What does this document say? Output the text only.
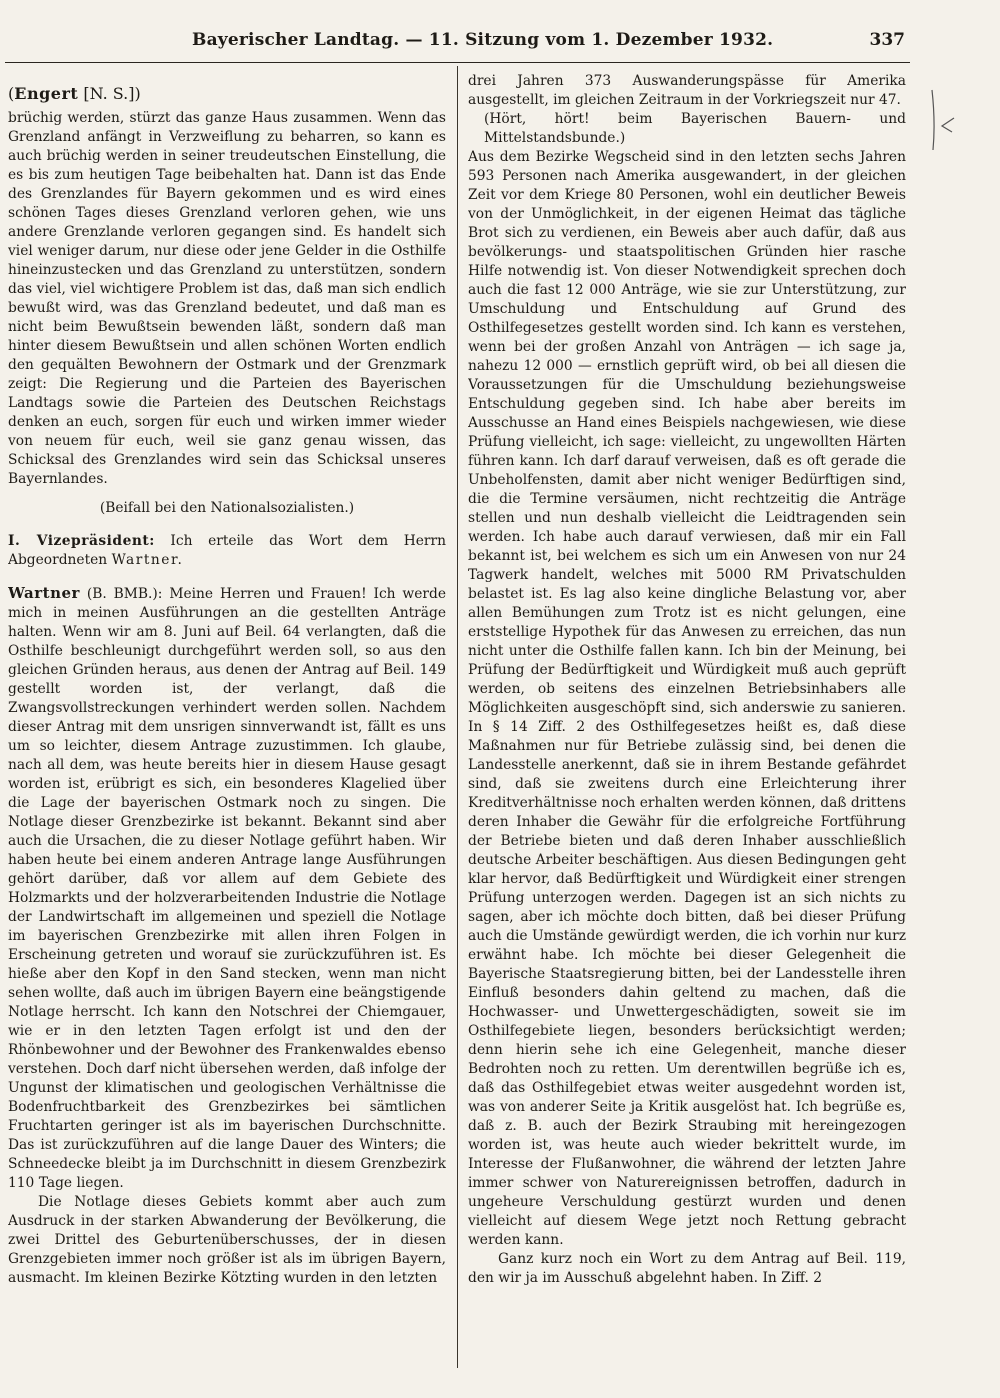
Bayerischer Landtag. — 11. Sitzung vom 1. Dezember 1932.	337

(Engert [N. S.])

brüchig werden, stürzt das ganze Haus zusammen. Wenn das Grenzland anfängt in Verzweiflung zu beharren, so kann es auch brüchig werden in seiner treudeutschen Einstellung, die es bis zum heutigen Tage beibehalten hat. Dann ist das Ende des Grenzlandes für Bayern gekommen und es wird eines schönen Tages dieses Grenzland verloren gehen, wie uns andere Grenzlande verloren gegangen sind. Es handelt sich viel weniger darum, nur diese oder jene Gelder in die Osthilfe hineinzustecken und das Grenzland zu unterstützen, sondern das viel, viel wichtigere Problem ist das, daß man sich endlich bewußt wird, was das Grenzland bedeutet, und daß man es nicht beim Bewußtsein bewenden läßt, sondern daß man hinter diesem Bewußtsein und allen schönen Worten endlich den gequälten Bewohnern der Ostmark und der Grenzmark zeigt: Die Regierung und die Parteien des Bayerischen Landtags sowie die Parteien des Deutschen Reichstags denken an euch, sorgen für euch und wirken immer wieder von neuem für euch, weil sie ganz genau wissen, das Schicksal des Grenzlandes wird sein das Schicksal unseres Bayernlandes.

(Beifall bei den Nationalsozialisten.)

I. Vizepräsident: Ich erteile das Wort dem Herrn Abgeordneten Wartner.

Wartner (B. BMB.): Meine Herren und Frauen! Ich werde mich in meinen Ausführungen an die gestellten Anträge halten. Wenn wir am 8. Juni auf Beil. 64 verlangten, daß die Osthilfe beschleunigt durchgeführt werden soll, so aus den gleichen Gründen heraus, aus denen der Antrag auf Beil. 149 gestellt worden ist, der verlangt, daß die Zwangsvollstreckungen verhindert werden sollen. Nachdem dieser Antrag mit dem unsrigen sinnverwandt ist, fällt es uns um so leichter, diesem Antrage zuzustimmen. Ich glaube, nach all dem, was heute bereits hier in diesem Hause gesagt worden ist, erübrigt es sich, ein besonderes Klagelied über die Lage der bayerischen Ostmark noch zu singen. Die Notlage dieser Grenzbezirke ist bekannt. Bekannt sind aber auch die Ursachen, die zu dieser Notlage geführt haben. Wir haben heute bei einem anderen Antrage lange Ausführungen gehört darüber, daß vor allem auf dem Gebiete des Holzmarkts und der holzverarbeitenden Industrie die Notlage der Landwirtschaft im allgemeinen und speziell die Notlage im bayerischen Grenzbezirke mit allen ihren Folgen in Erscheinung getreten und worauf sie zurückzuführen ist. Es hieße aber den Kopf in den Sand stecken, wenn man nicht sehen wollte, daß auch im übrigen Bayern eine beängstigende Notlage herrscht. Ich kann den Notschrei der Chiemgauer, wie er in den letzten Tagen erfolgt ist und den der Rhönbewohner und der Bewohner des Frankenwaldes ebenso verstehen. Doch darf nicht übersehen werden, daß infolge der Ungunst der klimatischen und geologischen Verhältnisse die Bodenfruchtbarkeit des Grenzbezirkes bei sämtlichen Fruchtarten geringer ist als im bayerischen Durchschnitte. Das ist zurückzuführen auf die lange Dauer des Winters; die Schneedecke bleibt ja im Durchschnitt in diesem Grenzbezirk 110 Tage liegen.

Die Notlage dieses Gebiets kommt aber auch zum Ausdruck in der starken Abwanderung der Bevölkerung, die zwei Drittel des Geburtenüberschusses, der in diesen Grenzgebieten immer noch größer ist als im übrigen Bayern, ausmacht. Im kleinen Bezirke Kötzting wurden in den letzten

drei Jahren 373 Auswanderungspässe für Amerika ausgestellt, im gleichen Zeitraum in der Vorkriegszeit nur 47.

(Hört, hört! beim Bayerischen Bauern- und Mittelstandsbunde.)

Aus dem Bezirke Wegscheid sind in den letzten sechs Jahren 593 Personen nach Amerika ausgewandert, in der gleichen Zeit vor dem Kriege 80 Personen, wohl ein deutlicher Beweis von der Unmöglichkeit, in der eigenen Heimat das tägliche Brot sich zu verdienen, ein Beweis aber auch dafür, daß aus bevölkerungs- und staatspolitischen Gründen hier rasche Hilfe notwendig ist. Von dieser Notwendigkeit sprechen doch auch die fast 12 000 Anträge, wie sie zur Unterstützung, zur Umschuldung und Entschuldung auf Grund des Osthilfegesetzes gestellt worden sind. Ich kann es verstehen, wenn bei der großen Anzahl von Anträgen — ich sage ja, nahezu 12 000 — ernstlich geprüft wird, ob bei all diesen die Voraussetzungen für die Umschuldung beziehungsweise Entschuldung gegeben sind. Ich habe aber bereits im Ausschusse an Hand eines Beispiels nachgewiesen, wie diese Prüfung vielleicht, ich sage: vielleicht, zu ungewollten Härten führen kann. Ich darf darauf verweisen, daß es oft gerade die Unbeholfensten, damit aber nicht weniger Bedürftigen sind, die die Termine versäumen, nicht rechtzeitig die Anträge stellen und nun deshalb vielleicht die Leidtragenden sein werden. Ich habe auch darauf verwiesen, daß mir ein Fall bekannt ist, bei welchem es sich um ein Anwesen von nur 24 Tagwerk handelt, welches mit 5000 RM Privatschulden belastet ist. Es lag also keine dingliche Belastung vor, aber allen Bemühungen zum Trotz ist es nicht gelungen, eine erststellige Hypothek für das Anwesen zu erreichen, das nun nicht unter die Osthilfe fallen kann. Ich bin der Meinung, bei Prüfung der Bedürftigkeit und Würdigkeit muß auch geprüft werden, ob seitens des einzelnen Betriebsinhabers alle Möglichkeiten ausgeschöpft sind, sich anderswie zu sanieren. In § 14 Ziff. 2 des Osthilfegesetzes heißt es, daß diese Maßnahmen nur für Betriebe zulässig sind, bei denen die Landesstelle anerkennt, daß sie in ihrem Bestande gefährdet sind, daß sie zweitens durch eine Erleichterung ihrer Kreditverhältnisse noch erhalten werden können, daß drittens deren Inhaber die Gewähr für die erfolgreiche Fortführung der Betriebe bieten und daß deren Inhaber ausschließlich deutsche Arbeiter beschäftigen. Aus diesen Bedingungen geht klar hervor, daß Bedürftigkeit und Würdigkeit einer strengen Prüfung unterzogen werden. Dagegen ist an sich nichts zu sagen, aber ich möchte doch bitten, daß bei dieser Prüfung auch die Umstände gewürdigt werden, die ich vorhin nur kurz erwähnt habe. Ich möchte bei dieser Gelegenheit die Bayerische Staatsregierung bitten, bei der Landesstelle ihren Einfluß besonders dahin geltend zu machen, daß die Hochwasser- und Unwettergeschädigten, soweit sie im Osthilfegebiete liegen, besonders berücksichtigt werden; denn hierin sehe ich eine Gelegenheit, manche dieser Bedrohten noch zu retten. Um derentwillen begrüße ich es, daß das Osthilfegebiet etwas weiter ausgedehnt worden ist, was von anderer Seite ja Kritik ausgelöst hat. Ich begrüße es, daß z. B. auch der Bezirk Straubing mit hereingezogen worden ist, was heute auch wieder bekrittelt wurde, im Interesse der Flußanwohner, die während der letzten Jahre immer schwer von Naturereignissen betroffen, dadurch in ungeheure Verschuldung gestürzt wurden und denen vielleicht auf diesem Wege jetzt noch Rettung gebracht werden kann.

Ganz kurz noch ein Wort zu dem Antrag auf Beil. 119, den wir ja im Ausschuß abgelehnt haben. In Ziff. 2
